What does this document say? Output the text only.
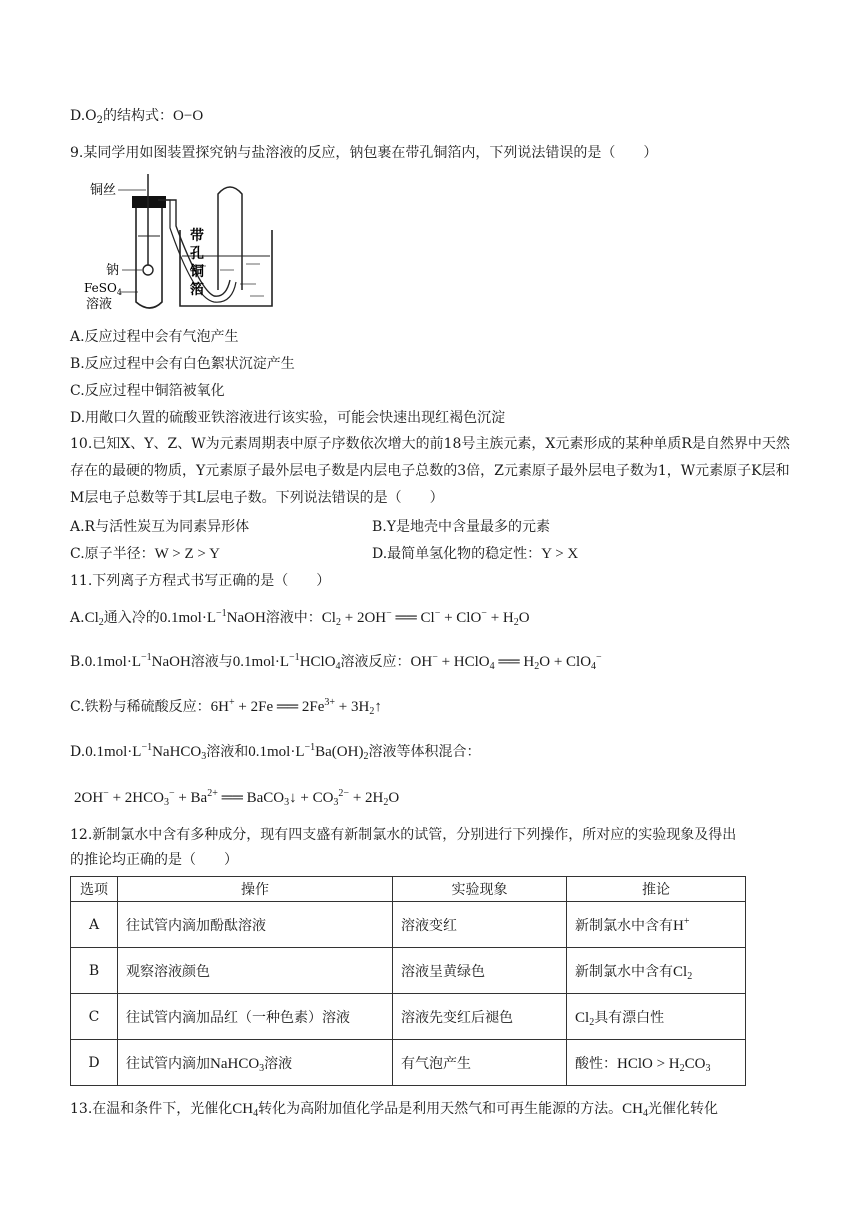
$D.O_2$的结构式：O−O
9.某同学用如图装置探究钠与盐溶液的反应，钠包裹在带孔铜箔内，下列说法错误的是（　　）
铜丝
钠
FeSO$_4$
溶液
带
孔
铜
箔
A.反应过程中会有气泡产生
B.反应过程中会有白色絮状沉淀产生
C.反应过程中铜箔被氧化
D.用敞口久置的硫酸亚铁溶液进行该实验，可能会快速出现红褐色沉淀
10.已知X、Y、Z、W为元素周期表中原子序数依次增大的前18号主族元素，X元素形成的某种单质R是自然界中天然存在的最硬的物质，Y元素原子最外层电子数是内层电子总数的3倍，Z元素原子最外层电子数为1，W元素原子K层和M层电子总数等于其L层电子数。下列说法错误的是（　　）
A.R与活性炭互为同素异形体	B.Y是地壳中含量最多的元素
C.原子半径：W > Z > Y	D.最简单氢化物的稳定性：Y > X
11.下列离子方程式书写正确的是（　　）
$A.Cl_2$通入冷的$0.1mol\cdot L^{-1}NaOH$溶液中：$Cl_2 + 2OH^-$ ══ $Cl^- + ClO^- + H_2O$
$B.0.1mol\cdot L^{-1}NaOH$溶液与$0.1mol\cdot L^{-1}HClO_4$溶液反应：OH− + HClO$_4$ ══ $H_2O + ClO_4^-$
C.铁粉与稀硫酸反应：6H+ + 2Fe ══ $2Fe^{3+}$ + $3H_2↑$
$D.0.1mol\cdot L^{-1}NaHCO_3$溶液和$0.1mol\cdot L^{-1}Ba(OH)_2$溶液等体积混合：
$2OH^- + 2HCO_3^- + Ba^{2+}$ ══ BaCO$_3$↓ + $CO_3^{2-} + 2H_2O$
12.新制氯水中含有多种成分，现有四支盛有新制氯水的试管，分别进行下列操作，所对应的实验现象及得出
的推论均正确的是（　　）
选项	操作	实验现象	推论
A	往试管内滴加酚酞溶液	溶液变红	新制氯水中含有H+
B	观察溶液颜色	溶液呈黄绿色	新制氯水中含有$Cl_2$
C	往试管内滴加品红（一种色素）溶液	溶液先变红后褪色	$Cl_2$具有漂白性
D	往试管内滴加NaHCO$_3$溶液	有气泡产生	酸性：HClO > $H_2CO_3$
13.在温和条件下，光催化$CH_4$转化为高附加值化学品是利用天然气和可再生能源的方法。$CH_4$光催化转化
